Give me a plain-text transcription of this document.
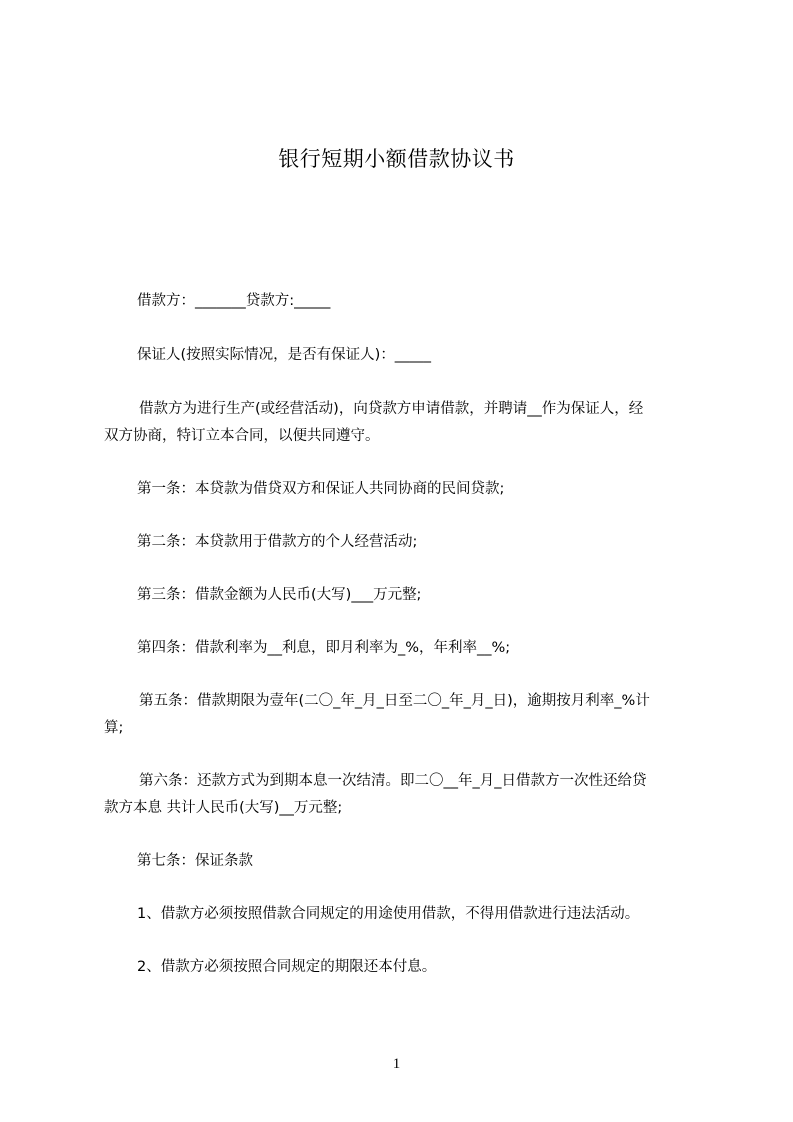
银行短期小额借款协议书
借款方：_______贷款方:_____
保证人(按照实际情况，是否有保证人)：_____
借款方为进行生产(或经营活动)，向贷款方申请借款，并聘请__作为保证人，经
双方协商，特订立本合同，以便共同遵守。
第一条：本贷款为借贷双方和保证人共同协商的民间贷款;
第二条：本贷款用于借款方的个人经营活动;
第三条：借款金额为人民币(大写)___万元整;
第四条：借款利率为__利息，即月利率为_%，年利率__%;
第五条：借款期限为壹年(二〇_年_月_日至二〇_年_月_日)，逾期按月利率_%计
算;
第六条：还款方式为到期本息一次结清。即二〇__年_月_日借款方一次性还给贷
款方本息 共计人民币(大写)__万元整;
第七条：保证条款
1、借款方必须按照借款合同规定的用途使用借款，不得用借款进行违法活动。
2、借款方必须按照合同规定的期限还本付息。
1
